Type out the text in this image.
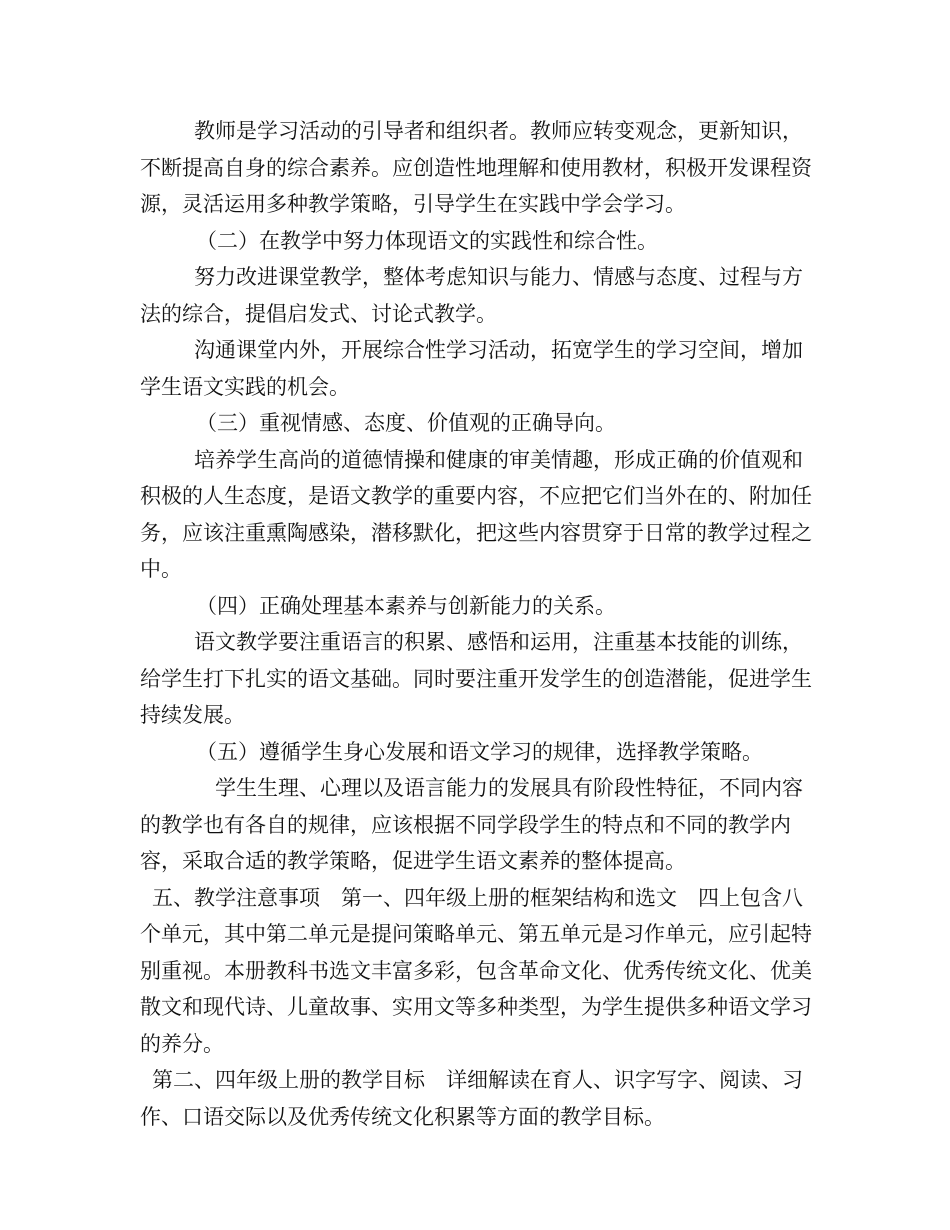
教师是学习活动的引导者和组织者。教师应转变观念，更新知识，不断提高自身的综合素养。应创造性地理解和使用教材，积极开发课程资源，灵活运用多种教学策略，引导学生在实践中学会学习。

（二）在教学中努力体现语文的实践性和综合性。

努力改进课堂教学，整体考虑知识与能力、情感与态度、过程与方法的综合，提倡启发式、讨论式教学。

沟通课堂内外，开展综合性学习活动，拓宽学生的学习空间，增加学生语文实践的机会。

（三）重视情感、态度、价值观的正确导向。

培养学生高尚的道德情操和健康的审美情趣，形成正确的价值观和积极的人生态度，是语文教学的重要内容，不应把它们当外在的、附加任务，应该注重熏陶感染，潜移默化，把这些内容贯穿于日常的教学过程之中。

（四）正确处理基本素养与创新能力的关系。

语文教学要注重语言的积累、感悟和运用，注重基本技能的训练，给学生打下扎实的语文基础。同时要注重开发学生的创造潜能，促进学生持续发展。

（五）遵循学生身心发展和语文学习的规律，选择教学策略。

学生生理、心理以及语言能力的发展具有阶段性特征，不同内容的教学也有各自的规律，应该根据不同学段学生的特点和不同的教学内容，采取合适的教学策略，促进学生语文素养的整体提高。

五、教学注意事项　第一、四年级上册的框架结构和选文　四上包含八个单元，其中第二单元是提问策略单元、第五单元是习作单元，应引起特别重视。本册教科书选文丰富多彩，包含革命文化、优秀传统文化、优美散文和现代诗、儿童故事、实用文等多种类型，为学生提供多种语文学习的养分。

第二、四年级上册的教学目标　详细解读在育人、识字写字、阅读、习作、口语交际以及优秀传统文化积累等方面的教学目标。
